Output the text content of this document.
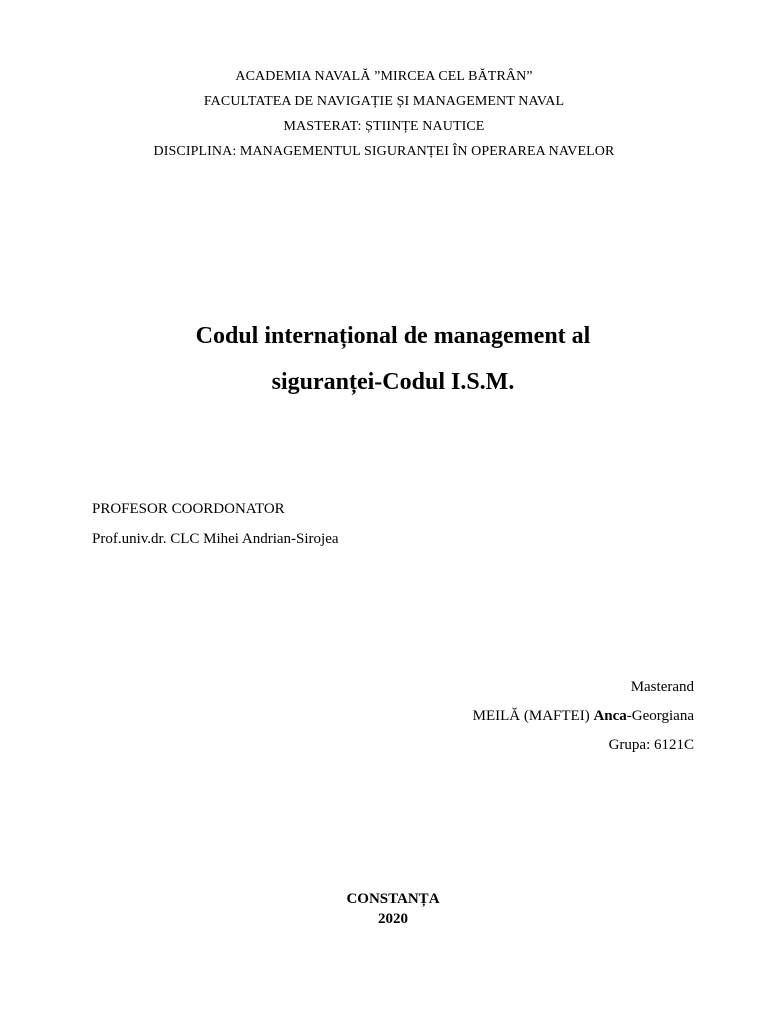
ACADEMIA NAVALĂ ”MIRCEA CEL BĂTRÂN”
FACULTATEA DE NAVIGAȚIE ȘI MANAGEMENT NAVAL
MASTERAT: ȘTIINȚE NAUTICE
DISCIPLINA: MANAGEMENTUL SIGURANȚEI ÎN OPERAREA NAVELOR
Codul internațional de management al
siguranței-Codul I.S.M.
PROFESOR COORDONATOR
Prof.univ.dr. CLC Mihei Andrian-Sirojea
Masterand
MEILĂ (MAFTEI) Anca-Georgiana
Grupa: 6121C
CONSTANȚA
2020
